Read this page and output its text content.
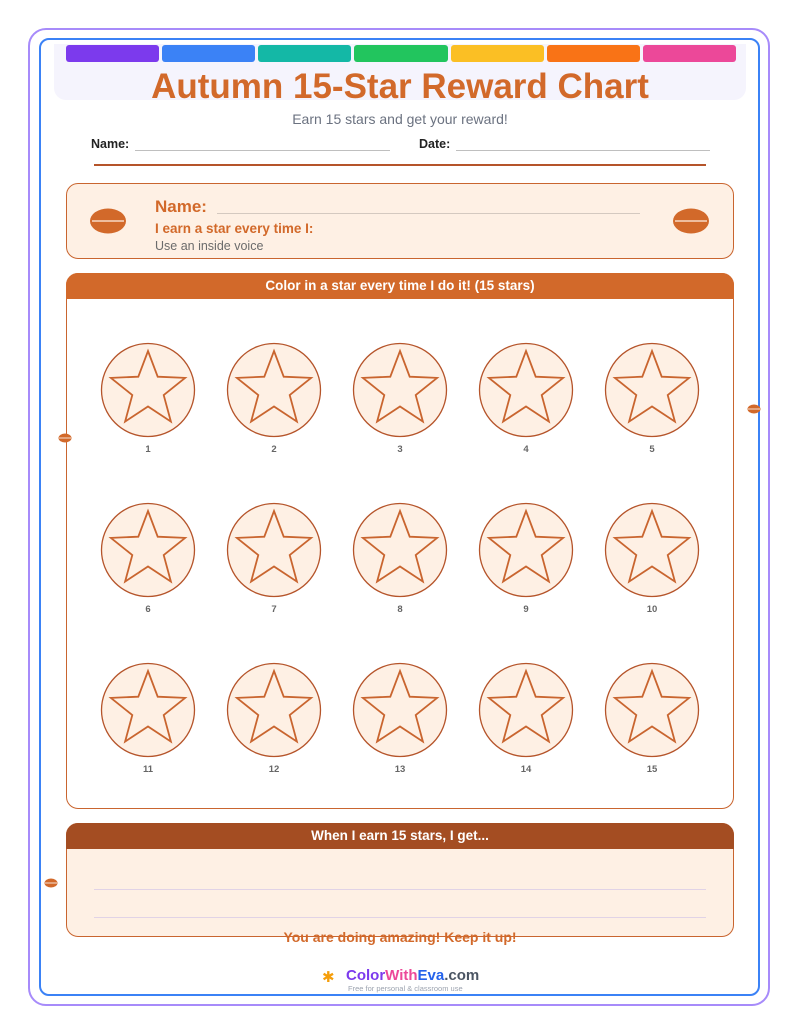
Autumn 15-Star Reward Chart
Earn 15 stars and get your reward!
Name:	Date:
Name:
I earn a star every time I:
Use an inside voice
Color in a star every time I do it! (15 stars)
1	2	3	4	5
6	7	8	9	10
11	12	13	14	15
When I earn 15 stars, I get...
You are doing amazing! Keep it up!
✱ ColorWithEva.com
Free for personal & classroom use
